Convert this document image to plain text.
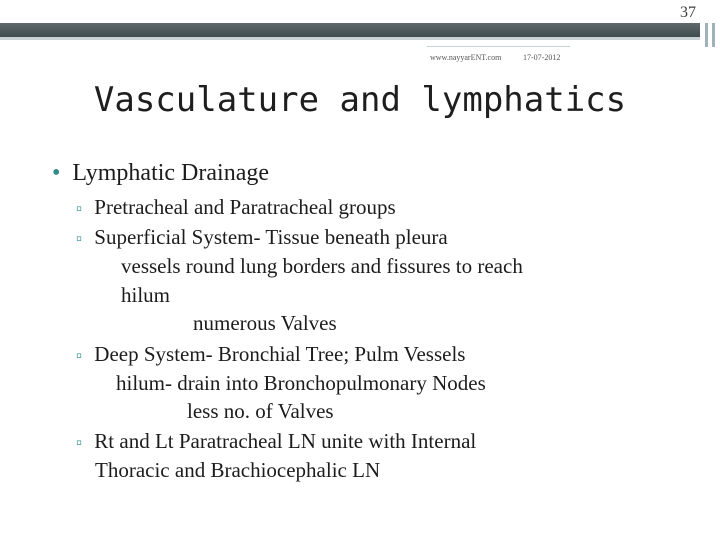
37
www.nayyarENT.com	17-07-2012
Vasculature and lymphatics
• Lymphatic Drainage
▫ Pretracheal and Paratracheal groups
▫ Superficial System- Tissue beneath pleura
vessels round lung borders and fissures to reach
hilum
numerous Valves
▫ Deep System- Bronchial Tree; Pulm Vessels
hilum- drain into Bronchopulmonary Nodes
less no. of Valves
▫ Rt and Lt Paratracheal LN unite with Internal
Thoracic and Brachiocephalic LN
